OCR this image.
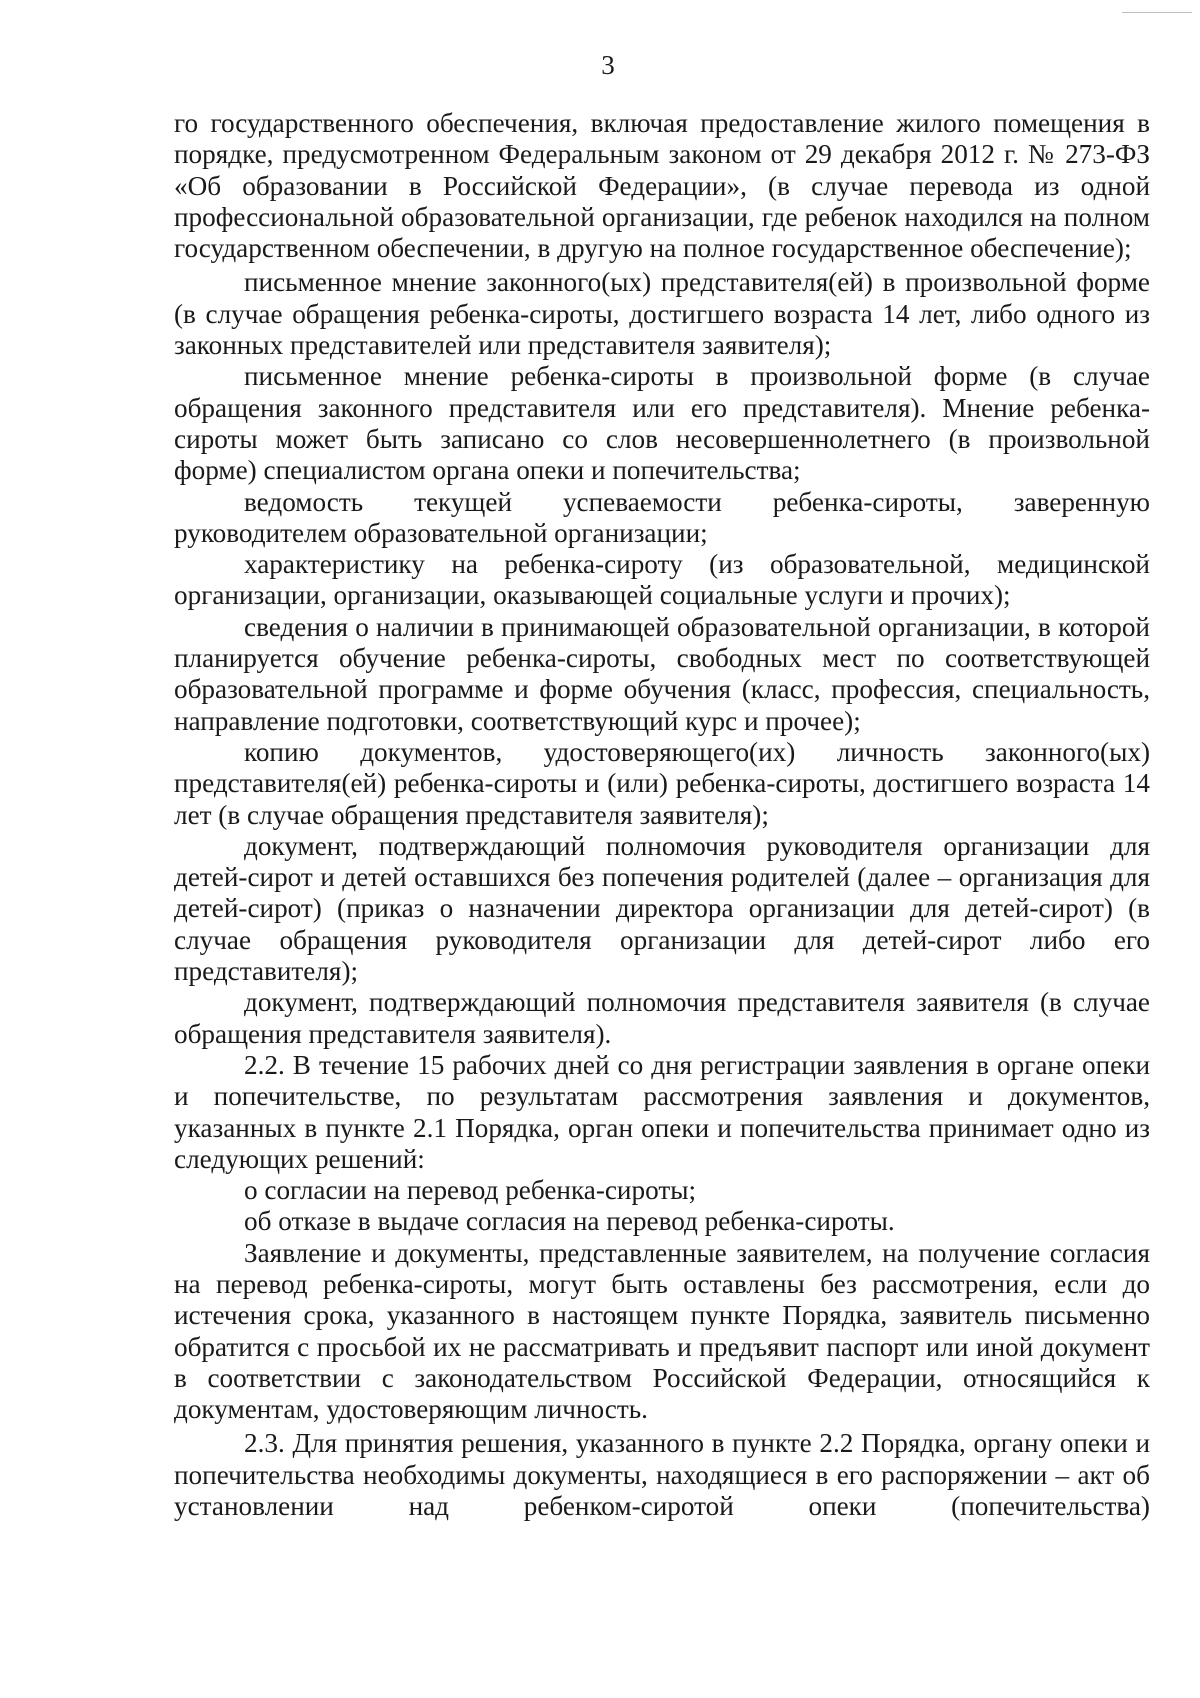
3

го государственного обеспечения, включая предоставление жилого помещения в порядке, предусмотренном Федеральным законом от 29 декабря 2012 г. № 273-ФЗ «Об образовании в Российской Федерации», (в случае перевода из одной профессиональной образовательной организации, где ребенок находился на полном государственном обеспечении, в другую на полное государственное обеспечение);

письменное мнение законного(ых) представителя(ей) в произвольной форме (в случае обращения ребенка-сироты, достигшего возраста 14 лет, либо одного из законных представителей или представителя заявителя);

письменное мнение ребенка-сироты в произвольной форме (в случае обращения законного представителя или его представителя). Мнение ребенка-сироты может быть записано со слов несовершеннолетнего (в произвольной форме) специалистом органа опеки и попечительства;

ведомость текущей успеваемости ребенка-сироты, заверенную руководителем образовательной организации;

характеристику на ребенка-сироту (из образовательной, медицинской организации, организации, оказывающей социальные услуги и прочих);

сведения о наличии в принимающей образовательной организации, в которой планируется обучение ребенка-сироты, свободных мест по соответствующей образовательной программе и форме обучения (класс, профессия, специальность, направление подготовки, соответствующий курс и прочее);

копию документов, удостоверяющего(их) личность законного(ых) представителя(ей) ребенка-сироты и (или) ребенка-сироты, достигшего возраста 14 лет (в случае обращения представителя заявителя);

документ, подтверждающий полномочия руководителя организации для детей-сирот и детей оставшихся без попечения родителей (далее – организация для детей-сирот) (приказ о назначении директора организации для детей-сирот) (в случае обращения руководителя организации для детей-сирот либо его представителя);

документ, подтверждающий полномочия представителя заявителя (в случае обращения представителя заявителя).

2.2. В течение 15 рабочих дней со дня регистрации заявления в органе опеки и попечительстве, по результатам рассмотрения заявления и документов, указанных в пункте 2.1 Порядка, орган опеки и попечительства принимает одно из следующих решений:

о согласии на перевод ребенка-сироты;

об отказе в выдаче согласия на перевод ребенка-сироты.

Заявление и документы, представленные заявителем, на получение согласия на перевод ребенка-сироты, могут быть оставлены без рассмотрения, если до истечения срока, указанного в настоящем пункте Порядка, заявитель письменно обратится с просьбой их не рассматривать и предъявит паспорт или иной документ в соответствии с законодательством Российской Федерации, относящийся к документам, удостоверяющим личность.

2.3. Для принятия решения, указанного в пункте 2.2 Порядка, органу опеки и попечительства необходимы документы, находящиеся в его распоряжении – акт об установлении над ребенком-сиротой опеки (попечительства)
